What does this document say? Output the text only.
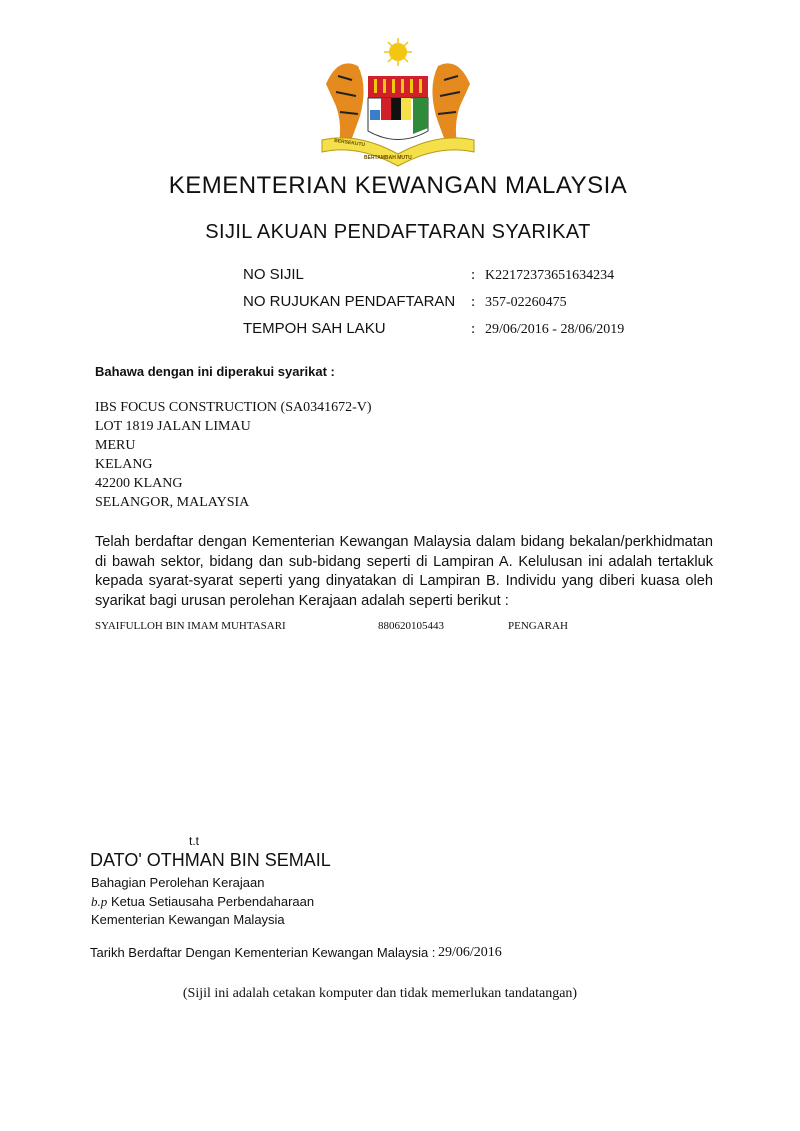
BERSEKUTU
BERTAMBAH MUTU
KEMENTERIAN KEWANGAN MALAYSIA
SIJIL AKUAN PENDAFTARAN SYARIKAT
NO SIJIL	: K22172373651634234
NO RUJUKAN PENDAFTARAN : 357-02260475
TEMPOH SAH LAKU	: 29/06/2016 - 28/06/2019
Bahawa dengan ini diperakui syarikat :
IBS FOCUS CONSTRUCTION (SA0341672-V)
LOT 1819 JALAN LIMAU
MERU
KELANG
42200 KLANG
SELANGOR, MALAYSIA
Telah berdaftar dengan Kementerian Kewangan Malaysia dalam bidang bekalan/perkhidmatan di bawah sektor, bidang dan sub-bidang seperti di Lampiran A. Kelulusan ini adalah tertakluk kepada syarat-syarat seperti yang dinyatakan di Lampiran B. Individu yang diberi kuasa oleh syarikat bagi urusan perolehan Kerajaan adalah seperti berikut :
SYAIFULLOH BIN IMAM MUHTASARI	880620105443	PENGARAH
t.t
DATO' OTHMAN BIN SEMAIL
Bahagian Perolehan Kerajaan
b.p Ketua Setiausaha Perbendaharaan
Kementerian Kewangan Malaysia
Tarikh Berdaftar Dengan Kementerian Kewangan Malaysia : 29/06/2016
(Sijil ini adalah cetakan komputer dan tidak memerlukan tandatangan)
